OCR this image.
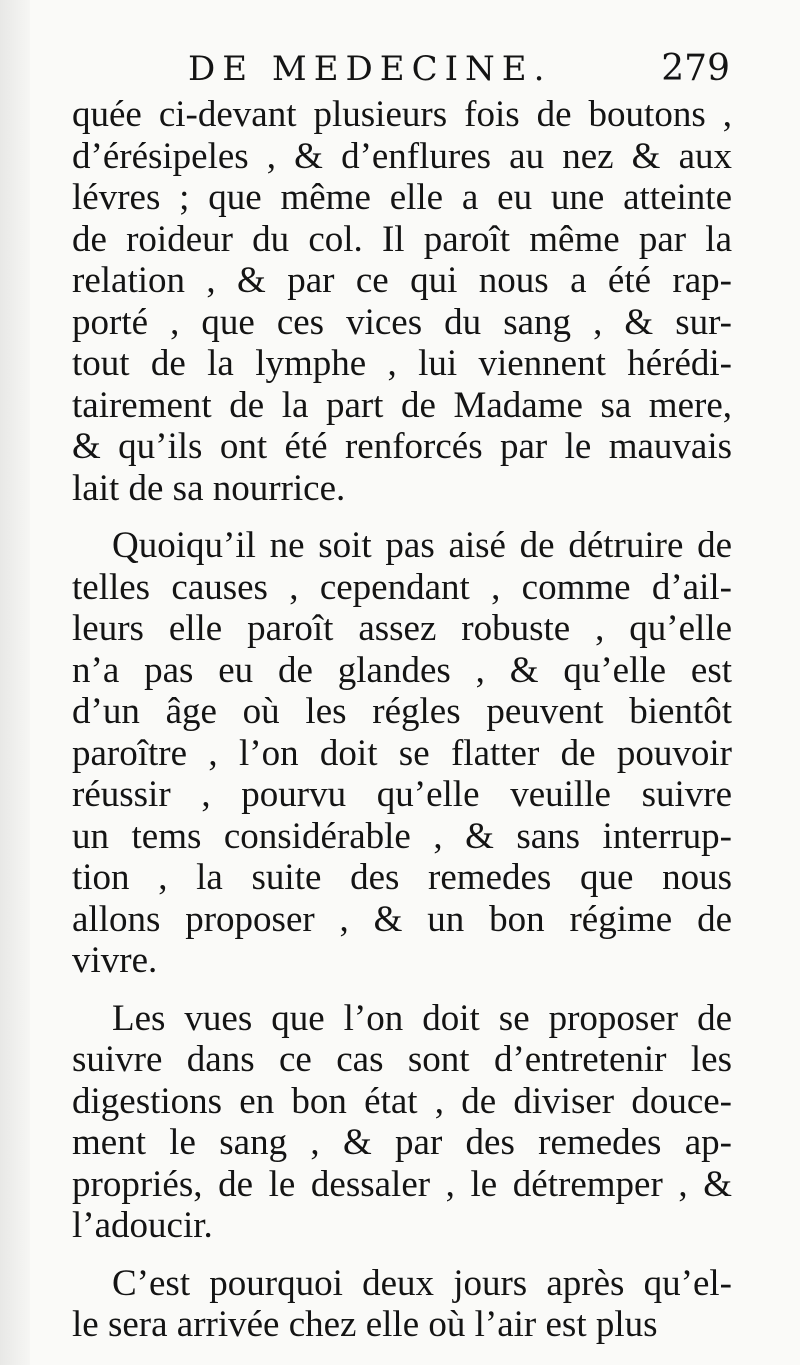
DE MEDECINE.	279
quée ci-devant plusieurs fois de boutons ,
d’érésipeles , & d’enflures au nez & aux
lévres ; que même elle a eu une atteinte
de roideur du col. Il paroît même par la
relation , & par ce qui nous a été rap-
porté , que ces vices du sang , & sur-
tout de la lymphe , lui viennent hérédi-
tairement de la part de Madame sa mere,
& qu’ils ont été renforcés par le mauvais
lait de sa nourrice.
Quoiqu’il ne soit pas aisé de détruire de
telles causes , cependant , comme d’ail-
leurs elle paroît assez robuste , qu’elle
n’a pas eu de glandes , & qu’elle est
d’un âge où les régles peuvent bientôt
paroître , l’on doit se flatter de pouvoir
réussir , pourvu qu’elle veuille suivre
un tems considérable , & sans interrup-
tion , la suite des remedes que nous
allons proposer , & un bon régime de
vivre.
Les vues que l’on doit se proposer de
suivre dans ce cas sont d’entretenir les
digestions en bon état , de diviser douce-
ment le sang , & par des remedes ap-
propriés, de le dessaler , le détremper , &
l’adoucir.
C’est pourquoi deux jours après qu’el-
le sera arrivée chez elle où l’air est plus
